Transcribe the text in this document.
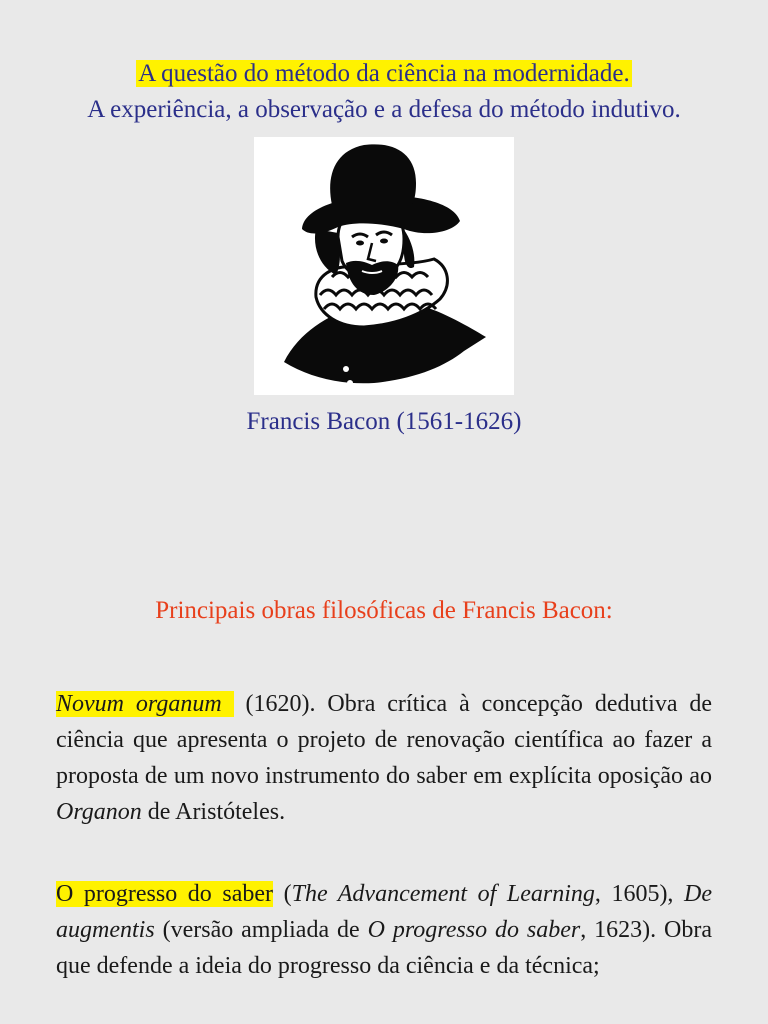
A questão do método da ciência na modernidade.
A experiência, a observação e a defesa do método indutivo.
Francis Bacon (1561-1626)
Principais obras filosóficas de Francis Bacon:
Novum organum (1620). Obra crítica à concepção dedutiva de ciência que apresenta o projeto de renovação científica ao fazer a proposta de um novo instrumento do saber em explícita oposição ao Organon de Aristóteles.
O progresso do saber (The Advancement of Learning, 1605), De augmentis (versão ampliada de O progresso do saber, 1623). Obra que defende a ideia do progresso da ciência e da técnica;
